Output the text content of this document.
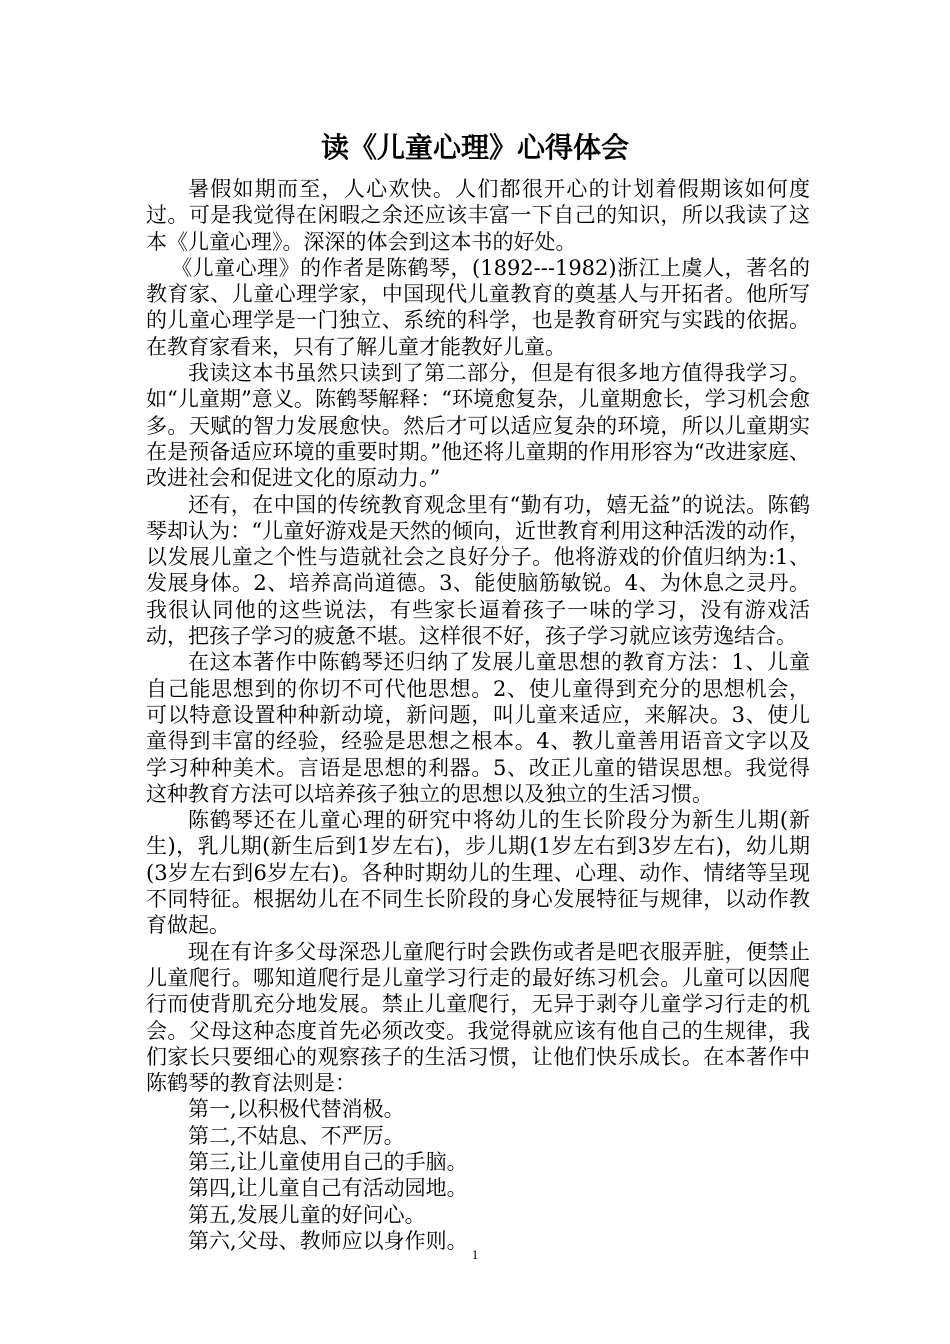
读《儿童心理》心得体会

暑假如期而至，人心欢快。人们都很开心的计划着假期该如何度过。可是我觉得在闲暇之余还应该丰富一下自己的知识，所以我读了这本《儿童心理》。深深的体会到这本书的好处。

《儿童心理》的作者是陈鹤琴，(1892---1982)浙江上虞人，著名的教育家、儿童心理学家，中国现代儿童教育的奠基人与开拓者。他所写的儿童心理学是一门独立、系统的科学，也是教育研究与实践的依据。在教育家看来，只有了解儿童才能教好儿童。

我读这本书虽然只读到了第二部分，但是有很多地方值得我学习。如“儿童期”意义。陈鹤琴解释：“环境愈复杂，儿童期愈长，学习机会愈多。天赋的智力发展愈快。然后才可以适应复杂的环境，所以儿童期实在是预备适应环境的重要时期。”他还将儿童期的作用形容为“改进家庭、改进社会和促进文化的原动力。”

还有，在中国的传统教育观念里有“勤有功，嬉无益”的说法。陈鹤琴却认为：“儿童好游戏是天然的倾向，近世教育利用这种活泼的动作，以发展儿童之个性与造就社会之良好分子。他将游戏的价值归纳为:1、发展身体。2、培养高尚道德。3、能使脑筋敏锐。4、为休息之灵丹。我很认同他的这些说法，有些家长逼着孩子一味的学习，没有游戏活动，把孩子学习的疲惫不堪。这样很不好，孩子学习就应该劳逸结合。

在这本著作中陈鹤琴还归纳了发展儿童思想的教育方法：1、儿童自己能思想到的你切不可代他思想。2、使儿童得到充分的思想机会，可以特意设置种种新动境，新问题，叫儿童来适应，来解决。3、使儿童得到丰富的经验，经验是思想之根本。4、教儿童善用语音文字以及学习种种美术。言语是思想的利器。5、改正儿童的错误思想。我觉得这种教育方法可以培养孩子独立的思想以及独立的生活习惯。

陈鹤琴还在儿童心理的研究中将幼儿的生长阶段分为新生儿期(新生)，乳儿期(新生后到1岁左右)，步儿期(1岁左右到3岁左右)，幼儿期(3岁左右到6岁左右)。各种时期幼儿的生理、心理、动作、情绪等呈现不同特征。根据幼儿在不同生长阶段的身心发展特征与规律，以动作教育做起。

现在有许多父母深恐儿童爬行时会跌伤或者是吧衣服弄脏，便禁止儿童爬行。哪知道爬行是儿童学习行走的最好练习机会。儿童可以因爬行而使背肌充分地发展。禁止儿童爬行，无异于剥夺儿童学习行走的机会。父母这种态度首先必须改变。我觉得就应该有他自己的生规律，我们家长只要细心的观察孩子的生活习惯，让他们快乐成长。在本著作中陈鹤琴的教育法则是：

第一,以积极代替消极。

第二,不姑息、不严厉。

第三,让儿童使用自己的手脑。

第四,让儿童自己有活动园地。

第五,发展儿童的好问心。

第六,父母、教师应以身作则。

1
